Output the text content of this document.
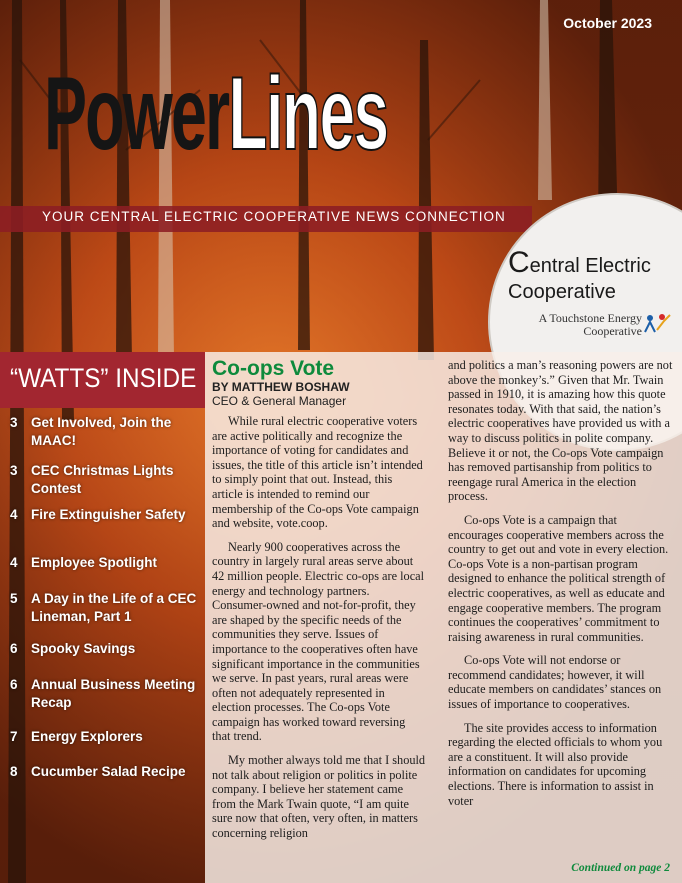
October 2023
PowerLines
YOUR CENTRAL ELECTRIC COOPERATIVE NEWS CONNECTION
Central Electric
Cooperative
A Touchstone Energy
Cooperative
“WATTS” INSIDE
3 Get Involved, Join the MAAC!
3 CEC Christmas Lights Contest
4 Fire Extinguisher Safety
4 Employee Spotlight
5 A Day in the Life of a CEC Lineman, Part 1
6 Spooky Savings
6 Annual Business Meeting Recap
7 Energy Explorers
8 Cucumber Salad Recipe
Co-ops Vote
BY MATTHEW BOSHAW
CEO & General Manager

While rural electric cooperative voters are active politically and recognize the importance of voting for candidates and issues, the title of this article isn’t intended to simply point that out. Instead, this article is intended to remind our membership of the Co-ops Vote campaign and website, vote.coop.

Nearly 900 cooperatives across the country in largely rural areas serve about 42 million people. Electric co-ops are local energy and technology partners. Consumer-owned and not-for-profit, they are shaped by the specific needs of the communities they serve. Issues of importance to the cooperatives often have significant importance in the communities we serve. In past years, rural areas were often not adequately represented in election processes. The Co-ops Vote campaign has worked toward reversing that trend.

My mother always told me that I should not talk about religion or politics in polite company. I believe her statement came from the Mark Twain quote, “I am quite sure now that often, very often, in matters concerning religion

and politics a man’s reasoning powers are not above the monkey’s.” Given that Mr. Twain passed in 1910, it is amazing how this quote resonates today. With that said, the nation’s electric cooperatives have provided us with a way to discuss politics in polite company. Believe it or not, the Co-ops Vote campaign has removed partisanship from politics to reengage rural America in the election process.

Co-ops Vote is a campaign that encourages cooperative members across the country to get out and vote in every election. Co-ops Vote is a non-partisan program designed to enhance the political strength of electric cooperatives, as well as educate and engage cooperative members. The program continues the cooperatives’ commitment to raising awareness in rural communities.

Co-ops Vote will not endorse or recommend candidates; however, it will educate members on candidates’ stances on issues of importance to cooperatives.

The site provides access to information regarding the elected officials to whom you are a constituent. It will also provide information on candidates for upcoming elections. There is information to assist in voter

Continued on page 2
